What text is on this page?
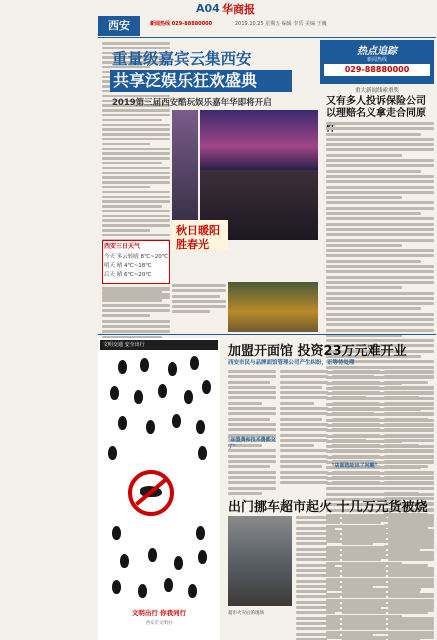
A04 华商报
西安	新闻热线 029-88880000	2019.10.25 星期五 编辑 李乐 美编 王巍
重量级嘉宾云集西安
共享泛娱乐狂欢盛典
2019第三届西安酷玩娱乐嘉年华即将开启
秋日暖阳
胜春光
热点追踪
新闻热线
029-88880000
重大新闻线索重奖
又有多人投诉保险公司
以理赔名义拿走合同原
西安三日天气
今天 多云转晴 8℃~20℃
明天 晴 4℃~18℃
后天 晴 6℃~20℃
文明交通 安全出行
文明出行 你我同行
西安市文明办
加盟开面馆 投资23万元难开业
西安市民与品牌面馆管理公司产生纠纷，正等待处理
"加盟费和技术费都交了"
"店面选址出了问题"
出门挪车超市起火 十几万元货被烧
超市火灾后的现场
